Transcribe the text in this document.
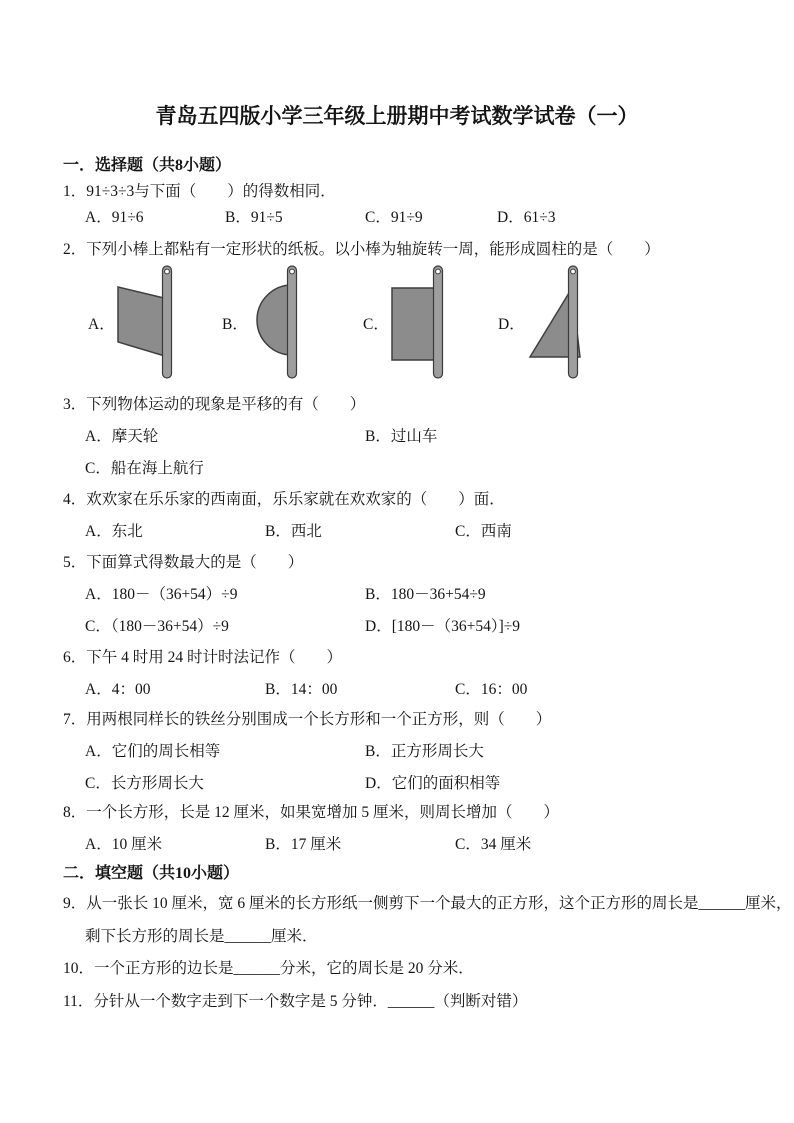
青岛五四版小学三年级上册期中考试数学试卷（一）
一．选择题（共8小题）
1．91÷3÷3与下面（　　）的得数相同．
A．91÷6	B．91÷5	C．91÷9	D．61÷3
2．下列小棒上都粘有一定形状的纸板。以小棒为轴旋转一周，能形成圆柱的是（　　）
A．	B．	C．	D．
3．下列物体运动的现象是平移的有（　　）
A．摩天轮	B．过山车
C．船在海上航行
4．欢欢家在乐乐家的西南面，乐乐家就在欢欢家的（　　）面．
A．东北	B．西北	C．西南
5．下面算式得数最大的是（　　）
A．180－（36+54）÷9	B．180－36+54÷9
C．（180－36+54）÷9	D．[180－（36+54）]÷9
6．下午 4 时用 24 时计时法记作（　　）
A．4：00	B．14：00	C．16：00
7．用两根同样长的铁丝分别围成一个长方形和一个正方形，则（　　）
A．它们的周长相等	B．正方形周长大
C．长方形周长大	D．它们的面积相等
8．一个长方形，长是 12 厘米，如果宽增加 5 厘米，则周长增加（　　）
A．10 厘米	B．17 厘米	C．34 厘米
二．填空题（共10小题）
9．从一张长 10 厘米，宽 6 厘米的长方形纸一侧剪下一个最大的正方形，这个正方形的周长是______厘米，
剩下长方形的周长是______厘米．
10．一个正方形的边长是______分米，它的周长是 20 分米．
11．分针从一个数字走到下一个数字是 5 分钟．______（判断对错）
